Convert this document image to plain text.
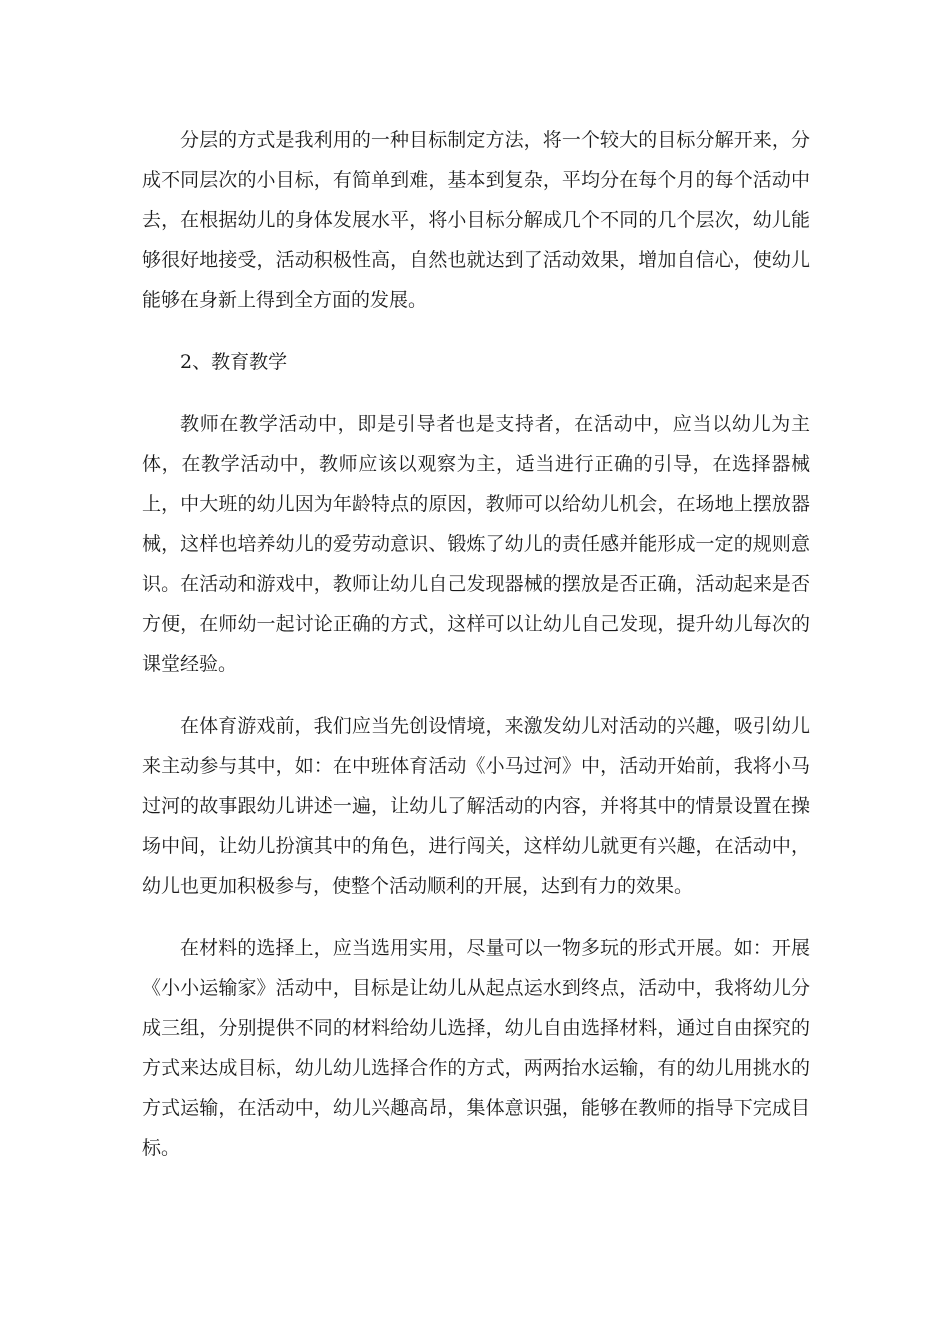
分层的方式是我利用的一种目标制定方法，将一个较大的目标分解开来，分成不同层次的小目标，有简单到难，基本到复杂，平均分在每个月的每个活动中去，在根据幼儿的身体发展水平，将小目标分解成几个不同的几个层次，幼儿能够很好地接受，活动积极性高，自然也就达到了活动效果，增加自信心，使幼儿能够在身新上得到全方面的发展。

2、教育教学

教师在教学活动中，即是引导者也是支持者，在活动中，应当以幼儿为主体，在教学活动中，教师应该以观察为主，适当进行正确的引导，在选择器械上，中大班的幼儿因为年龄特点的原因，教师可以给幼儿机会，在场地上摆放器械，这样也培养幼儿的爱劳动意识、锻炼了幼儿的责任感并能形成一定的规则意识。在活动和游戏中，教师让幼儿自己发现器械的摆放是否正确，活动起来是否方便，在师幼一起讨论正确的方式，这样可以让幼儿自己发现，提升幼儿每次的课堂经验。

在体育游戏前，我们应当先创设情境，来激发幼儿对活动的兴趣，吸引幼儿来主动参与其中，如：在中班体育活动《小马过河》中，活动开始前，我将小马过河的故事跟幼儿讲述一遍，让幼儿了解活动的内容，并将其中的情景设置在操场中间，让幼儿扮演其中的角色，进行闯关，这样幼儿就更有兴趣，在活动中，幼儿也更加积极参与，使整个活动顺利的开展，达到有力的效果。

在材料的选择上，应当选用实用，尽量可以一物多玩的形式开展。如：开展《小小运输家》活动中，目标是让幼儿从起点运水到终点，活动中，我将幼儿分成三组，分别提供不同的材料给幼儿选择，幼儿自由选择材料，通过自由探究的方式来达成目标，幼儿幼儿选择合作的方式，两两抬水运输，有的幼儿用挑水的方式运输，在活动中，幼儿兴趣高昂，集体意识强，能够在教师的指导下完成目标。
